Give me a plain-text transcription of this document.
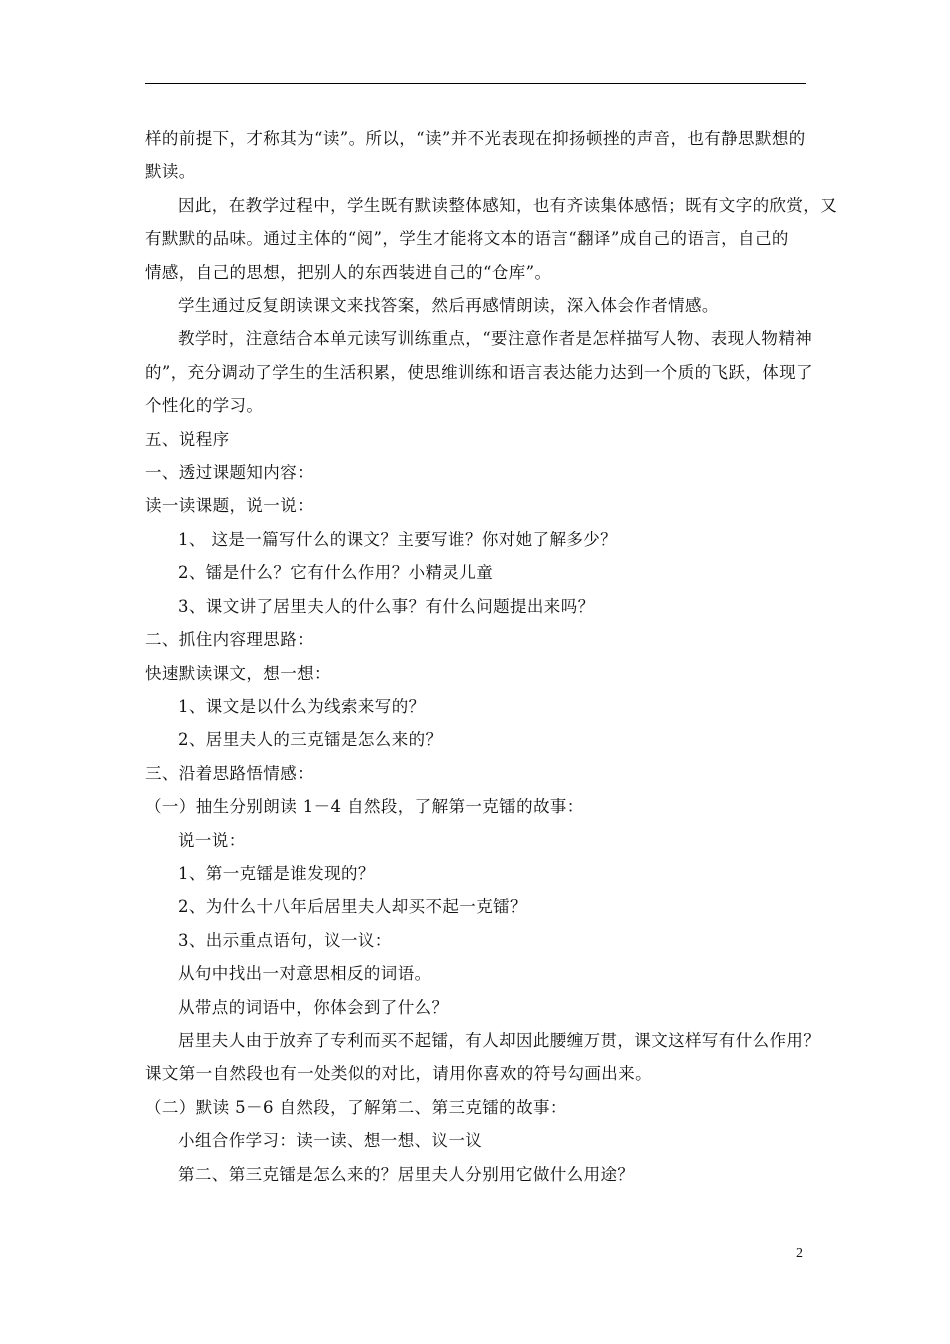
样的前提下，才称其为“读”。所以，“读”并不光表现在抑扬顿挫的声音，也有静思默想的

默读。

因此，在教学过程中，学生既有默读整体感知，也有齐读集体感悟；既有文字的欣赏，又

有默默的品味。通过主体的“阅”，学生才能将文本的语言“翻译”成自己的语言，自己的

情感，自己的思想，把别人的东西装进自己的“仓库”。

学生通过反复朗读课文来找答案，然后再感情朗读，深入体会作者情感。

教学时，注意结合本单元读写训练重点，“要注意作者是怎样描写人物、表现人物精神

的”，充分调动了学生的生活积累，使思维训练和语言表达能力达到一个质的飞跃，体现了

个性化的学习。

五、说程序

一、透过课题知内容：

读一读课题，说一说：

1、 这是一篇写什么的课文？主要写谁？你对她了解多少？

2、镭是什么？它有什么作用？小精灵儿童

3、课文讲了居里夫人的什么事？有什么问题提出来吗？

二、抓住内容理思路：

快速默读课文，想一想：

1、课文是以什么为线索来写的？

2、居里夫人的三克镭是怎么来的？

三、沿着思路悟情感：

（一）抽生分别朗读 1－4 自然段，了解第一克镭的故事：

说一说：

1、第一克镭是谁发现的？

2、为什么十八年后居里夫人却买不起一克镭？

3、出示重点语句，议一议：

从句中找出一对意思相反的词语。

从带点的词语中，你体会到了什么？

居里夫人由于放弃了专利而买不起镭，有人却因此腰缠万贯，课文这样写有什么作用？

课文第一自然段也有一处类似的对比，请用你喜欢的符号勾画出来。

（二）默读 5－6 自然段，了解第二、第三克镭的故事：

小组合作学习：读一读、想一想、议一议

第二、第三克镭是怎么来的？居里夫人分别用它做什么用途？

2
